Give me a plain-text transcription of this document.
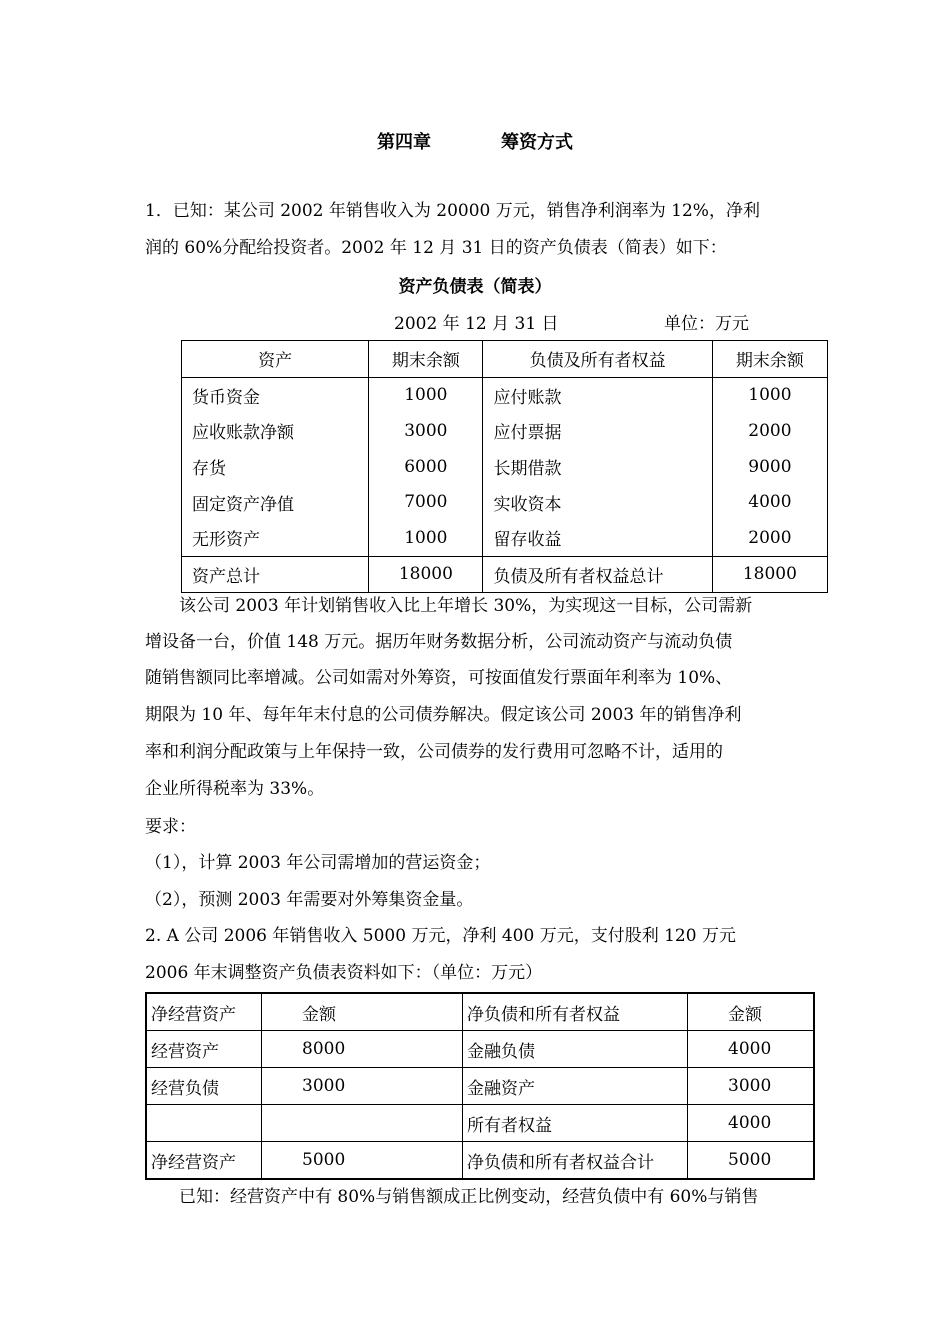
第四章	筹资方式
1．已知：某公司 2002 年销售收入为 20000 万元，销售净利润率为 12%，净利
润的 60%分配给投资者。2002 年 12 月 31 日的资产负债表（简表）如下：
资产负债表（简表）
2002 年 12 月 31 日	单位：万元
资产	期末余额	负债及所有者权益	期末余额
货币资金	1000	应付账款	1000
应收账款净额	3000	应付票据	2000
存货	6000	长期借款	9000
固定资产净值	7000	实收资本	4000
无形资产	1000	留存收益	2000
资产总计	18000	负债及所有者权益总计	18000
　　该公司 2003 年计划销售收入比上年增长 30%，为实现这一目标，公司需新
增设备一台，价值 148 万元。据历年财务数据分析，公司流动资产与流动负债
随销售额同比率增减。公司如需对外筹资，可按面值发行票面年利率为 10%、
期限为 10 年、每年年末付息的公司债券解决。假定该公司 2003 年的销售净利
率和利润分配政策与上年保持一致，公司债券的发行费用可忽略不计，适用的
企业所得税率为 33%。
要求：
（1），计算 2003 年公司需增加的营运资金；
（2），预测 2003 年需要对外筹集资金量。
2. A 公司 2006 年销售收入 5000 万元，净利 400 万元，支付股利 120 万元
2006 年末调整资产负债表资料如下：（单位：万元）
净经营资产	金额	净负债和所有者权益	金额
经营资产	8000	金融负债	4000
经营负债	3000	金融资产	3000
		所有者权益	4000
净经营资产	5000	净负债和所有者权益合计	5000
　　已知：经营资产中有 80%与销售额成正比例变动，经营负债中有 60%与销售
